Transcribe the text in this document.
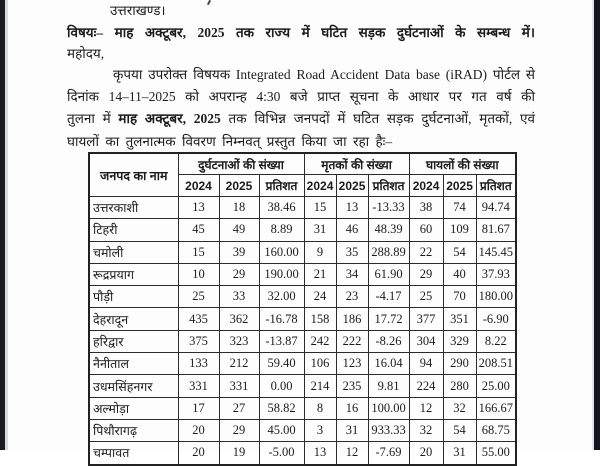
उत्तराखण्ड।
विषयः– माह अक्टूबर, 2025 तक राज्य में घटित सड़क दुर्घटनाओं के सम्बन्ध में।
महोदय,
कृपया उपरोक्त विषयक Integrated Road Accident Data base (iRAD) पोर्टल से
दिनांक 14–11–2025 को अपरान्ह 4:30 बजे प्राप्त सूचना के आधार पर गत वर्ष की
तुलना में माह अक्टूबर, 2025 तक विभिन्न जनपदों में घटित सड़क दुर्घटनाओं, मृतकों, एवं
घायलों का तुलनात्मक विवरण निम्नवत् प्रस्तुत किया जा रहा हैः–
जनपद का नाम	दुर्घटनाओं की संख्या			मृतकों की संख्या			घायलों की संख्या		
	2024	2025	प्रतिशत	2024	2025	प्रतिशत	2024	2025	प्रतिशत
उत्तरकाशी	13	18	38.46	15	13	-13.33	38	74	94.74
टिहरी	45	49	8.89	31	46	48.39	60	109	81.67
चमोली	15	39	160.00	9	35	288.89	22	54	145.45
रूद्रप्रयाग	10	29	190.00	21	34	61.90	29	40	37.93
पौड़ी	25	33	32.00	24	23	-4.17	25	70	180.00
देहरादून	435	362	-16.78	158	186	17.72	377	351	-6.90
हरिद्वार	375	323	-13.87	242	222	-8.26	304	329	8.22
नैनीताल	133	212	59.40	106	123	16.04	94	290	208.51
उधमसिंहनगर	331	331	0.00	214	235	9.81	224	280	25.00
अल्मोड़ा	17	27	58.82	8	16	100.00	12	32	166.67
पिथौरागढ़	20	29	45.00	3	31	933.33	32	54	68.75
चम्पावत	20	19	-5.00	13	12	-7.69	20	31	55.00
